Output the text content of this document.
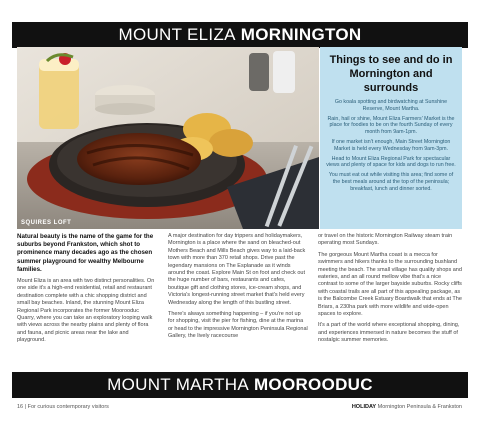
MOUNT ELIZA MORNINGTON
SQUIRES LOFT
Things to see and do in Mornington and surrounds

Go koala spotting and birdwatching at Sunshine Reserve, Mount Martha.

Rain, hail or shine, Mount Eliza Farmers' Market is the place for foodies to be on the fourth Sunday of every month from 9am-1pm.

If one market isn't enough, Main Street Mornington Market is held every Wednesday from 9am-3pm.

Head to Mount Eliza Regional Park for spectacular views and plenty of space for kids and dogs to run free.

You must eat out while visiting this area; find some of the best meals around at the top of the peninsula; breakfast, lunch and dinner sorted.

Natural beauty is the name of the game for the suburbs beyond Frankston, which shot to prominence many decades ago as the chosen summer playground for wealthy Melbourne families.

Mount Eliza is an area with two distinct personalities. On one side it's a high-end residential, retail and restaurant destination complete with a chic shopping district and small bay beaches. Inland, the stunning Mount Eliza Regional Park incorporates the former Moorooduc Quarry, where you can take an exploratory looping walk with views across the nearby plains and plenty of flora and fauna, and picnic areas near the lake and playground.

A major destination for day trippers and holidaymakers, Mornington is a place where the sand on bleached-out Mothers Beach and Mills Beach gives way to a laid-back town with more than 370 retail shops. Drive past the legendary mansions on The Esplanade as it winds around the coast. Explore Main St on foot and check out the huge number of bars, restaurants and cafes, boutique gift and clothing stores, ice-cream shops, and Victoria's longest-running street market that's held every Wednesday along the length of this bustling street.

There's always something happening – if you're not up for shopping, visit the pier for fishing, dine at the marina or head to the impressive Mornington Peninsula Regional Gallery, the lively racecourse

or travel on the historic Mornington Railway steam train operating most Sundays.

The gorgeous Mount Martha coast is a mecca for swimmers and hikers thanks to the surrounding bushland meeting the beach. The small village has quality shops and eateries, and an all round mellow vibe that's a nice contrast to some of the larger bayside suburbs. Rocky cliffs with coastal trails are all part of this appealing package, as is the Balcombe Creek Estuary Boardwalk that ends at The Briars, a 230ha park with more wildlife and wide-open spaces to explore.

It's a part of the world where exceptional shopping, dining, and experiences immersed in nature becomes the stuff of nostalgic summer memories.

MOUNT MARTHA MOOROODUC
16 | For curious contemporary visitors	HOLIDAY Mornington Peninsula & Frankston
